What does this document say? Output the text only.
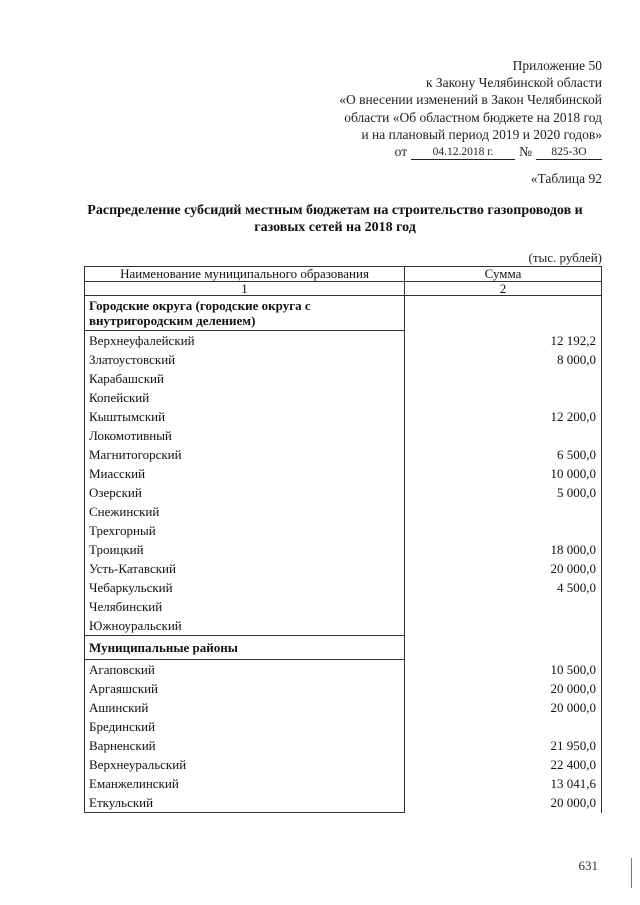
Приложение 50
к Закону Челябинской области
«О внесении изменений в Закон Челябинской
области «Об областном бюджете на 2018 год
и на плановый период 2019 и 2020 годов»
от	04.12.2018 г.	№	825-ЗО
«Таблица 92
Распределение субсидий местным бюджетам на строительство газопроводов и газовых сетей на 2018 год
(тыс. рублей)
Наименование муниципального образования	Сумма
1	2
Городские округа (городские округа с внутригородским делением)	
Верхнеуфалейский	12 192,2
Златоустовский	8 000,0
Карабашский	
Копейский	
Кыштымский	12 200,0
Локомотивный	
Магнитогорский	6 500,0
Миасский	10 000,0
Озерский	5 000,0
Снежинский	
Трехгорный	
Троицкий	18 000,0
Усть-Катавский	20 000,0
Чебаркульский	4 500,0
Челябинский	
Южноуральский	
Муниципальные районы	
Агаповский	10 500,0
Аргаяшский	20 000,0
Ашинский	20 000,0
Брединский	
Варненский	21 950,0
Верхнеуральский	22 400,0
Еманжелинский	13 041,6
Еткульский	20 000,0
631
